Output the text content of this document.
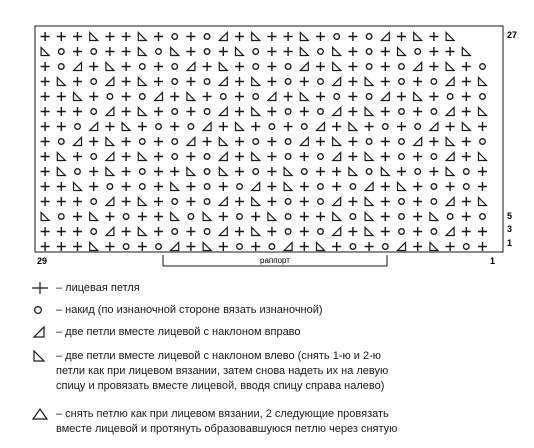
27
5
3
1
29	1
раппорт
– лицевая петля
– накид (по изнаночной стороне вязать изнаночной)
– две петли вместе лицевой с наклоном вправо
– две петли вместе лицевой с наклоном влево (снять 1-ю и 2-ю
петли как при лицевом вязании, затем снова надеть их на левую
спицу и провязать вместе лицевой, вводя спицу справа налево)
– снять петлю как при лицевом вязании, 2 следующие провязать
вместе лицевой и протянуть образовавшуюся петлю через снятую
